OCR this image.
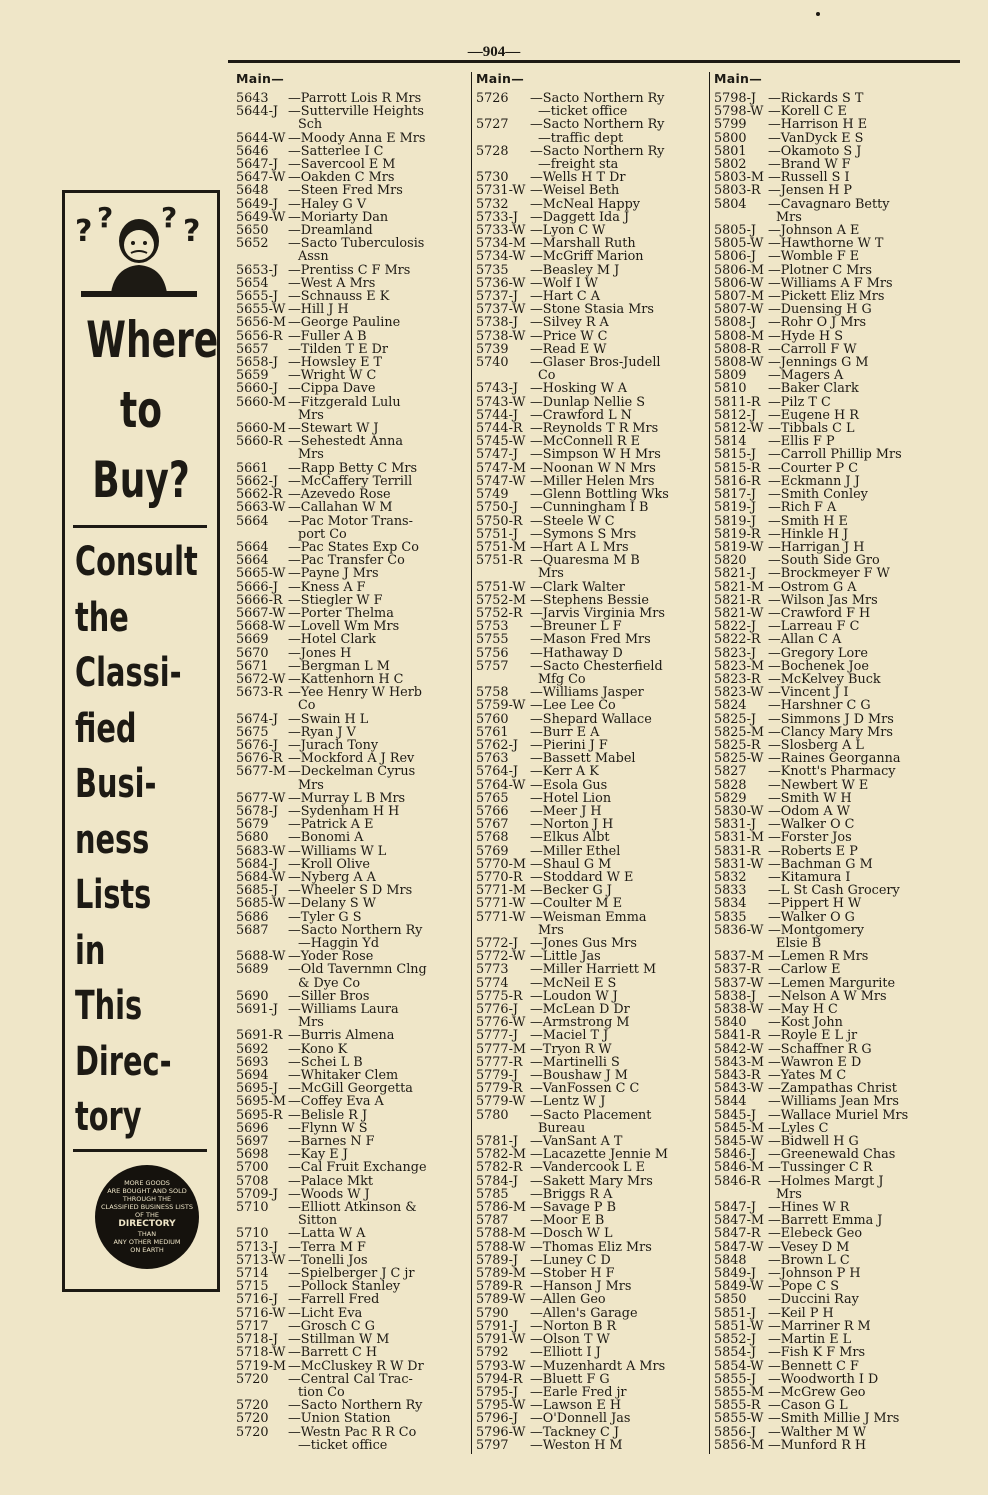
—904—
? ? ? ?
Where
to
Buy?
Consult
the
Classi-
fied
Busi-
ness
Lists
in
This
Direc-
tory
MORE GOODS
ARE BOUGHT AND SOLD
THROUGH THE
CLASSIFIED BUSINESS LISTS
OF THE
DIRECTORY
THAN
ANY OTHER MEDIUM
ON EARTH
Main—
5643	—Parrott Lois R Mrs
5644-J —Sutterville Heights
Sch
5644-W —Moody Anna E Mrs
5646	—Satterlee I C
5647-J —Savercool E M
5647-W —Oakden C Mrs
5648	—Steen Fred Mrs
5649-J —Haley G V
5649-W —Moriarty Dan
5650	—Dreamland
5652	—Sacto Tuberculosis
Assn
5653-J —Prentiss C F Mrs
5654	—West A Mrs
5655-J —Schnauss E K
5655-W —Hill J H
5656-M —George Pauline
5656-R —Fuller A B
5657	—Tilden T E Dr
5658-J —Howsley E T
5659	—Wright W C
5660-J —Cippa Dave
5660-M —Fitzgerald Lulu
Mrs
5660-M —Stewart W J
5660-R —Sehestedt Anna
Mrs
5661	—Rapp Betty C Mrs
5662-J —McCaffery Terrill
5662-R —Azevedo Rose
5663-W —Callahan W M
5664	—Pac Motor Trans-
port Co
5664	—Pac States Exp Co
5664	—Pac Transfer Co
5665-W —Payne J Mrs
5666-J —Kness A F
5666-R —Stiegler W F
5667-W —Porter Thelma
5668-W —Lovell Wm Mrs
5669	—Hotel Clark
5670	—Jones H
5671	—Bergman L M
5672-W —Kattenhorn H C
5673-R —Yee Henry W Herb
Co
5674-J —Swain H L
5675	—Ryan J V
5676-J —Jurach Tony
5676-R —Mockford A J Rev
5677-M —Deckelman Cyrus
Mrs
5677-W —Murray L B Mrs
5678-J —Sydenham H H
5679	—Patrick A E
5680	—Bonomi A
5683-W —Williams W L
5684-J —Kroll Olive
5684-W —Nyberg A A
5685-J —Wheeler S D Mrs
5685-W —Delany S W
5686	—Tyler G S
5687	—Sacto Northern Ry
—Haggin Yd
5688-W —Yoder Rose
5689	—Old Tavernmn Clng
& Dye Co
5690	—Siller Bros
5691-J —Williams Laura
Mrs
5691-R —Burris Almena
5692	—Kono K
5693	—Schei L B
5694	—Whitaker Clem
5695-J —McGill Georgetta
5695-M —Coffey Eva A
5695-R —Belisle R J
5696	—Flynn W S
5697	—Barnes N F
5698	—Kay E J
5700	—Cal Fruit Exchange
5708	—Palace Mkt
5709-J —Woods W J
5710	—Elliott Atkinson &
Sitton
5710	—Latta W A
5713-J —Terra M F
5713-W —Tonelli Jos
5714	—Spielberger J C jr
5715	—Pollock Stanley
5716-J —Farrell Fred
5716-W —Licht Eva
5717	—Grosch C G
5718-J —Stillman W M
5718-W —Barrett C H
5719-M —McCluskey R W Dr
5720	—Central Cal Trac-
tion Co
5720	—Sacto Northern Ry
5720	—Union Station
5720	—Westn Pac R R Co
—ticket office
Main—
5726	—Sacto Northern Ry
—ticket office
5727	—Sacto Northern Ry
—traffic dept
5728	—Sacto Northern Ry
—freight sta
5730	—Wells H T Dr
5731-W —Weisel Beth
5732	—McNeal Happy
5733-J —Daggett Ida J
5733-W —Lyon C W
5734-M —Marshall Ruth
5734-W —McGriff Marion
5735	—Beasley M J
5736-W —Wolf I W
5737-J —Hart C A
5737-W —Stone Stasia Mrs
5738-J —Silvey R A
5738-W —Price W C
5739	—Read E W
5740	—Glaser Bros-Judell
Co
5743-J —Hosking W A
5743-W —Dunlap Nellie S
5744-J —Crawford L N
5744-R —Reynolds T R Mrs
5745-W —McConnell R E
5747-J —Simpson W H Mrs
5747-M —Noonan W N Mrs
5747-W —Miller Helen Mrs
5749	—Glenn Bottling Wks
5750-J —Cunningham I B
5750-R —Steele W C
5751-J —Symons S Mrs
5751-M —Hart A L Mrs
5751-R —Quaresma M B
Mrs
5751-W —Clark Walter
5752-M —Stephens Bessie
5752-R —Jarvis Virginia Mrs
5753	—Breuner L F
5755	—Mason Fred Mrs
5756	—Hathaway D
5757	—Sacto Chesterfield
Mfg Co
5758	—Williams Jasper
5759-W —Lee Lee Co
5760	—Shepard Wallace
5761	—Burr E A
5762-J —Pierini J F
5763	—Bassett Mabel
5764-J —Kerr A K
5764-W —Esola Gus
5765	—Hotel Lion
5766	—Meer J H
5767	—Norton J H
5768	—Elkus Albt
5769	—Miller Ethel
5770-M —Shaul G M
5770-R —Stoddard W E
5771-M —Becker G J
5771-W —Coulter M E
5771-W —Weisman Emma
Mrs
5772-J —Jones Gus Mrs
5772-W —Little Jas
5773	—Miller Harriett M
5774	—McNeil E S
5775-R —Loudon W J
5776-J —McLean D Dr
5776-W —Armstrong M
5777-J —Maciel T J
5777-M —Tryon R W
5777-R —Martinelli S
5779-J —Boushaw J M
5779-R —VanFossen C C
5779-W —Lentz W J
5780	—Sacto Placement
Bureau
5781-J —VanSant A T
5782-M —Lacazette Jennie M
5782-R —Vandercook L E
5784-J —Sakett Mary Mrs
5785	—Briggs R A
5786-M —Savage P B
5787	—Moor E B
5788-M —Dosch W L
5788-W —Thomas Eliz Mrs
5789-J —Luney C D
5789-M —Stober H F
5789-R —Hanson J Mrs
5789-W —Allen Geo
5790	—Allen's Garage
5791-J —Norton B R
5791-W —Olson T W
5792	—Elliott I J
5793-W —Muzenhardt A Mrs
5794-R —Bluett F G
5795-J —Earle Fred jr
5795-W —Lawson E H
5796-J —O'Donnell Jas
5796-W —Tackney C J
5797	—Weston H M
Main—
5798-J —Rickards S T
5798-W —Korell C E
5799	—Harrison H E
5800	—VanDyck E S
5801	—Okamoto S J
5802	—Brand W F
5803-M —Russell S I
5803-R —Jensen H P
5804	—Cavagnaro Betty
Mrs
5805-J —Johnson A E
5805-W —Hawthorne W T
5806-J —Womble F E
5806-M —Plotner C Mrs
5806-W —Williams A F Mrs
5807-M —Pickett Eliz Mrs
5807-W —Duensing H G
5808-J —Rohr O J Mrs
5808-M —Hyde H S
5808-R —Carroll F W
5808-W —Jennings G M
5809	—Magers A
5810	—Baker Clark
5811-R —Pilz T C
5812-J —Eugene H R
5812-W —Tibbals C L
5814	—Ellis F P
5815-J —Carroll Phillip Mrs
5815-R —Courter P C
5816-R —Eckmann J J
5817-J —Smith Conley
5819-J —Rich F A
5819-J —Smith H E
5819-R —Hinkle H J
5819-W —Harrigan J H
5820	—South Side Gro
5821-J —Brockmeyer F W
5821-M —Ostrom G A
5821-R —Wilson Jas Mrs
5821-W —Crawford F H
5822-J —Larreau F C
5822-R —Allan C A
5823-J —Gregory Lore
5823-M —Bochenek Joe
5823-R —McKelvey Buck
5823-W —Vincent J I
5824	—Harshner C G
5825-J —Simmons J D Mrs
5825-M —Clancy Mary Mrs
5825-R —Slosberg A L
5825-W —Raines Georganna
5827	—Knott's Pharmacy
5828	—Newbert W E
5829	—Smith W H
5830-W —Odom A W
5831-J —Walker O C
5831-M —Forster Jos
5831-R —Roberts E P
5831-W —Bachman G M
5832	—Kitamura I
5833	—L St Cash Grocery
5834	—Pippert H W
5835	—Walker O G
5836-W —Montgomery
Elsie B
5837-M —Lemen R Mrs
5837-R —Carlow E
5837-W —Lemen Margurite
5838-J —Nelson A W Mrs
5838-W —May H C
5840	—Kost John
5841-R —Royle E L jr
5842-W —Schaffner R G
5843-M —Wawron E D
5843-R —Yates M C
5843-W —Zampathas Christ
5844	—Williams Jean Mrs
5845-J —Wallace Muriel Mrs
5845-M —Lyles C
5845-W —Bidwell H G
5846-J —Greenewald Chas
5846-M —Tussinger C R
5846-R —Holmes Margt J
Mrs
5847-J —Hines W R
5847-M —Barrett Emma J
5847-R —Elebeck Geo
5847-W —Vesey D M
5848	—Brown L C
5849-J —Johnson P H
5849-W —Pope C S
5850	—Duccini Ray
5851-J —Keil P H
5851-W —Marriner R M
5852-J —Martin E L
5854-J —Fish K F Mrs
5854-W —Bennett C F
5855-J —Woodworth I D
5855-M —McGrew Geo
5855-R —Cason G L
5855-W —Smith Millie J Mrs
5856-J —Walther M W
5856-M —Munford R H
